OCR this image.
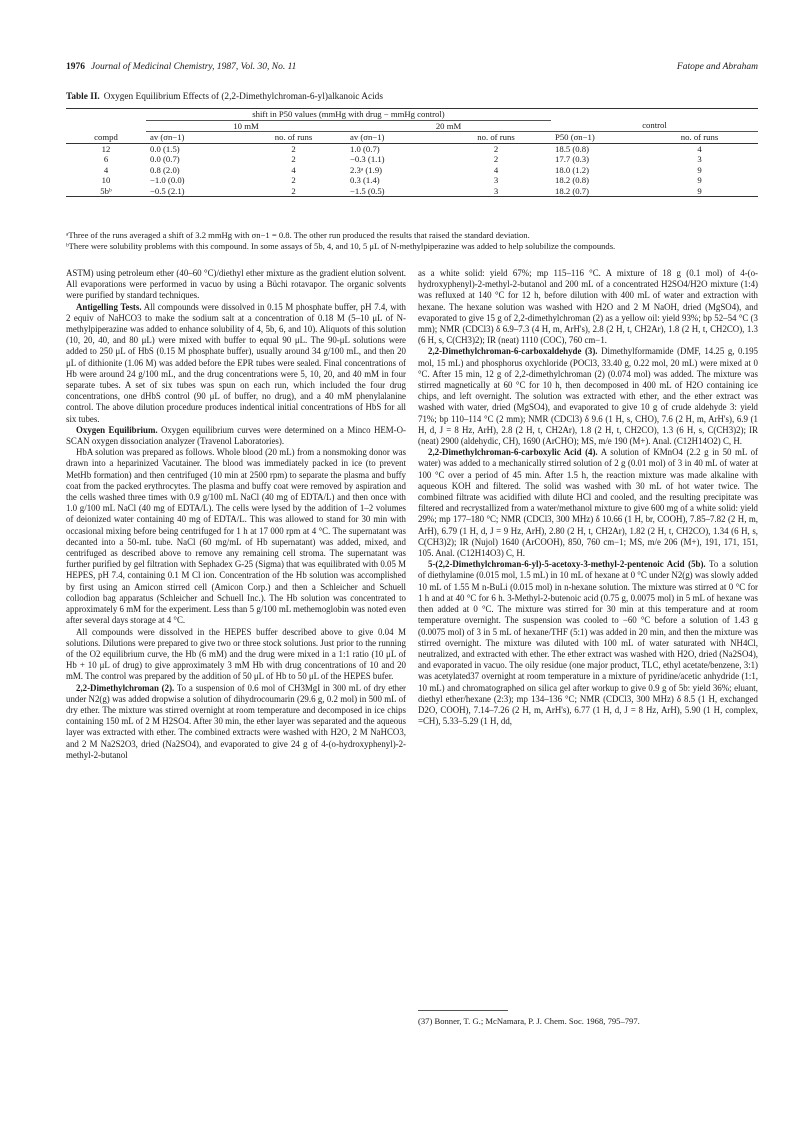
1976 Journal of Medicinal Chemistry, 1987, Vol. 30, No. 11	Fatope and Abraham
Table II. Oxygen Equilibrium Effects of (2,2-Dimethylchroman-6-yl)alkanoic Acids
	shift in P50 values (mmHg with drug − mmHg control)					
	10 mM		20 mM		control	
compd	av (σn−1)	no. of runs	av (σn−1)	no. of runs	P50 (σn−1)	no. of runs
12	0.0 (1.5)	2	1.0 (0.7)	2	18.5 (0.8)	4
6	0.0 (0.7)	2	−0.3 (1.1)	2	17.7 (0.3)	3
4	0.8 (2.0)	4	2.3ᵃ (1.9)	4	18.0 (1.2)	9
10	−1.0 (0.0)	2	0.3 (1.4)	3	18.2 (0.8)	9
5bᵇ	−0.5 (2.1)	2	−1.5 (0.5)	3	18.2 (0.7)	9
ᵃThree of the runs averaged a shift of 3.2 mmHg with σn−1 = 0.8. The other run produced the results that raised the standard deviation.
ᵇThere were solubility problems with this compound. In some assays of 5b, 4, and 10, 5 μL of N-methylpiperazine was added to help solubilize the compounds.

ASTM) using petroleum ether (40–60 °C)/diethyl ether mixture as the gradient elution solvent. All evaporations were performed in vacuo by using a Büchi rotavapor. The organic solvents were purified by standard techniques.

Antigelling Tests. All compounds were dissolved in 0.15 M phosphate buffer, pH 7.4, with 2 equiv of NaHCO3 to make the sodium salt at a concentration of 0.18 M (5–10 μL of N-methylpiperazine was added to enhance solubility of 4, 5b, 6, and 10). Aliquots of this solution (10, 20, 40, and 80 μL) were mixed with buffer to equal 90 μL. The 90-μL solutions were added to 250 μL of HbS (0.15 M phosphate buffer), usually around 34 g/100 mL, and then 20 μL of dithionite (1.06 M) was added before the EPR tubes were sealed. Final concentrations of Hb were around 24 g/100 mL, and the drug concentrations were 5, 10, 20, and 40 mM in four separate tubes. A set of six tubes was spun on each run, which included the four drug concentrations, one dHbS control (90 μL of buffer, no drug), and a 40 mM phenylalanine control. The above dilution procedure produces indentical initial concentrations of HbS for all six tubes.

Oxygen Equilibrium. Oxygen equilibrium curves were determined on a Minco HEM-O-SCAN oxygen dissociation analyzer (Travenol Laboratories).

HbA solution was prepared as follows. Whole blood (20 mL) from a nonsmoking donor was drawn into a heparinized Vacutainer. The blood was immediately packed in ice (to prevent MetHb formation) and then centrifuged (10 min at 2500 rpm) to separate the plasma and buffy coat from the packed erythrocytes. The plasma and buffy coat were removed by aspiration and the cells washed three times with 0.9 g/100 mL NaCl (40 mg of EDTA/L) and then once with 1.0 g/100 mL NaCl (40 mg of EDTA/L). The cells were lysed by the addition of 1–2 volumes of deionized water containing 40 mg of EDTA/L. This was allowed to stand for 30 min with occasional mixing before being centrifuged for 1 h at 17 000 rpm at 4 °C. The supernatant was decanted into a 50-mL tube. NaCl (60 mg/mL of Hb supernatant) was added, mixed, and centrifuged as described above to remove any remaining cell stroma. The supernatant was further purified by gel filtration with Sephadex G-25 (Sigma) that was equilibrated with 0.05 M HEPES, pH 7.4, containing 0.1 M Cl ion. Concentration of the Hb solution was accomplished by first using an Amicon stirred cell (Amicon Corp.) and then a Schleicher and Schuell collodion bag apparatus (Schleicher and Schuell Inc.). The Hb solution was concentrated to approximately 6 mM for the experiment. Less than 5 g/100 mL methemoglobin was noted even after several days storage at 4 °C.

All compounds were dissolved in the HEPES buffer described above to give 0.04 M solutions. Dilutions were prepared to give two or three stock solutions. Just prior to the running of the O2 equilibrium curve, the Hb (6 mM) and the drug were mixed in a 1:1 ratio (10 μL of Hb + 10 μL of drug) to give approximately 3 mM Hb with drug concentrations of 10 and 20 mM. The control was prepared by the addition of 50 μL of Hb to 50 μL of the HEPES bufer.

2,2-Dimethylchroman (2). To a suspension of 0.6 mol of CH3MgI in 300 mL of dry ether under N2(g) was added dropwise a solution of dihydrocoumarin (29.6 g, 0.2 mol) in 500 mL of dry ether. The mixture was stirred overnight at room temperature and decomposed in ice chips containing 150 mL of 2 M H2SO4. After 30 min, the ether layer was separated and the aqueous layer was extracted with ether. The combined extracts were washed with H2O, 2 M NaHCO3, and 2 M Na2S2O3, dried (Na2SO4), and evaporated to give 24 g of 4-(o-hydroxyphenyl)-2-methyl-2-butanol

as a white solid: yield 67%; mp 115–116 °C. A mixture of 18 g (0.1 mol) of 4-(o-hydroxyphenyl)-2-methyl-2-butanol and 200 mL of a concentrated H2SO4/H2O mixture (1:4) was refluxed at 140 °C for 12 h, before dilution with 400 mL of water and extraction with hexane. The hexane solution was washed with H2O and 2 M NaOH, dried (MgSO4), and evaporated to give 15 g of 2,2-dimethylchroman (2) as a yellow oil: yield 93%; bp 52–54 °C (3 mm); NMR (CDCl3) δ 6.9–7.3 (4 H, m, ArH's), 2.8 (2 H, t, CH2Ar), 1.8 (2 H, t, CH2CO), 1.3 (6 H, s, C(CH3)2); IR (neat) 1110 (COC), 760 cm−1.

2,2-Dimethylchroman-6-carboxaldehyde (3). Dimethylformamide (DMF, 14.25 g, 0.195 mol, 15 mL) and phosphorus oxychloride (POCl3, 33.40 g, 0.22 mol, 20 mL) were mixed at 0 °C. After 15 min, 12 g of 2,2-dimethylchroman (2) (0.074 mol) was added. The mixture was stirred magnetically at 60 °C for 10 h, then decomposed in 400 mL of H2O containing ice chips, and left overnight. The solution was extracted with ether, and the ether extract was washed with water, dried (MgSO4), and evaporated to give 10 g of crude aldehyde 3: yield 71%; bp 110–114 °C (2 mm); NMR (CDCl3) δ 9.6 (1 H, s, CHO), 7.6 (2 H, m, ArH's), 6.9 (1 H, d, J = 8 Hz, ArH), 2.8 (2 H, t, CH2Ar), 1.8 (2 H, t, CH2CO), 1.3 (6 H, s, C(CH3)2); IR (neat) 2900 (aldehydic, CH), 1690 (ArCHO); MS, m/e 190 (M+). Anal. (C12H14O2) C, H.

2,2-Dimethylchroman-6-carboxylic Acid (4). A solution of KMnO4 (2.2 g in 50 mL of water) was added to a mechanically stirred solution of 2 g (0.01 mol) of 3 in 40 mL of water at 100 °C over a period of 45 min. After 1.5 h, the reaction mixture was made alkaline with aqueous KOH and filtered. The solid was washed with 30 mL of hot water twice. The combined filtrate was acidified with dilute HCl and cooled, and the resulting precipitate was filtered and recrystallized from a water/methanol mixture to give 600 mg of a white solid: yield 29%; mp 177–180 °C; NMR (CDCl3, 300 MHz) δ 10.66 (1 H, br, COOH), 7.85–7.82 (2 H, m, ArH), 6.79 (1 H, d, J = 9 Hz, ArH), 2.80 (2 H, t, CH2Ar), 1.82 (2 H, t, CH2CO), 1.34 (6 H, s, C(CH3)2); IR (Nujol) 1640 (ArCOOH), 850, 760 cm−1; MS, m/e 206 (M+), 191, 171, 151, 105. Anal. (C12H14O3) C, H.

5-(2,2-Dimethylchroman-6-yl)-5-acetoxy-3-methyl-2-pentenoic Acid (5b). To a solution of diethylamine (0.015 mol, 1.5 mL) in 10 mL of hexane at 0 °C under N2(g) was slowly added 10 mL of 1.55 M n-BuLi (0.015 mol) in n-hexane solution. The mixture was stirred at 0 °C for 1 h and at 40 °C for 6 h. 3-Methyl-2-butenoic acid (0.75 g, 0.0075 mol) in 5 mL of hexane was then added at 0 °C. The mixture was stirred for 30 min at this temperature and at room temperature overnight. The suspension was cooled to −60 °C before a solution of 1.43 g (0.0075 mol) of 3 in 5 mL of hexane/THF (5:1) was added in 20 min, and then the mixture was stirred overnight. The mixture was diluted with 100 mL of water saturated with NH4Cl, neutralized, and extracted with ether. The ether extract was washed with H2O, dried (Na2SO4), and evaporated in vacuo. The oily residue (one major product, TLC, ethyl acetate/benzene, 3:1) was acetylated37 overnight at room temperature in a mixture of pyridine/acetic anhydride (1:1, 10 mL) and chromatographed on silica gel after workup to give 0.9 g of 5b: yield 36%; eluant, diethyl ether/hexane (2:3); mp 134–136 °C; NMR (CDCl3, 300 MHz) δ 8.5 (1 H, exchanged D2O, COOH), 7.14–7.26 (2 H, m, ArH's), 6.77 (1 H, d, J = 8 Hz, ArH), 5.90 (1 H, complex, =CH), 5.33–5.29 (1 H, dd,

(37) Bonner, T. G.; McNamara, P. J. Chem. Soc. 1968, 795–797.
